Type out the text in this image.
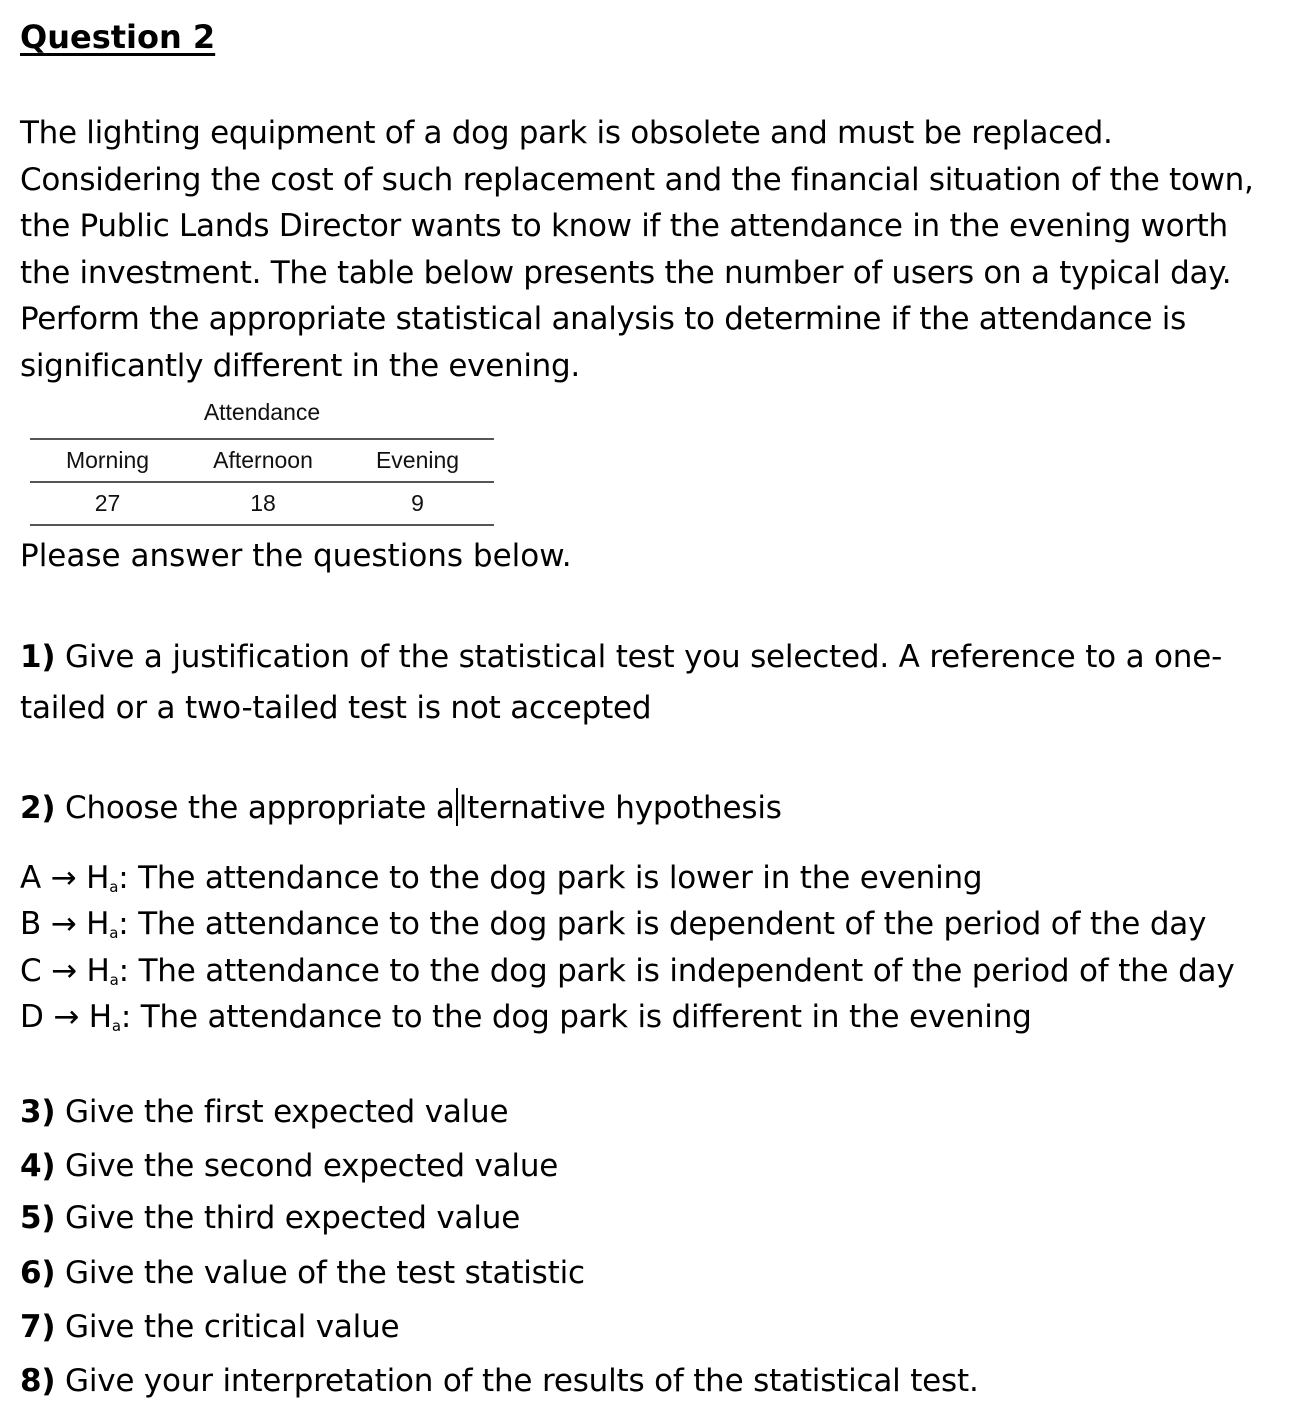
Question 2
The lighting equipment of a dog park is obsolete and must be replaced.
Considering the cost of such replacement and the financial situation of the town,
the Public Lands Director wants to know if the attendance in the evening worth
the investment. The table below presents the number of users on a typical day.
Perform the appropriate statistical analysis to determine if the attendance is
significantly different in the evening.
Attendance
Morning	Afternoon	Evening
27	18	9
Please answer the questions below.
1) Give a justification of the statistical test you selected. A reference to a one-
tailed or a two-tailed test is not accepted
2) Choose the appropriate a lternative hypothesis
$A \to H_a$: The attendance to the dog park is lower in the evening
$B \to H_a$: The attendance to the dog park is dependent of the period of the day
$C \to H_a$: The attendance to the dog park is independent of the period of the day
$D \to H_a$: The attendance to the dog park is different in the evening
3) Give the first expected value
4) Give the second expected value
5) Give the third expected value
6) Give the value of the test statistic
7) Give the critical value
8) Give your interpretation of the results of the statistical test.
